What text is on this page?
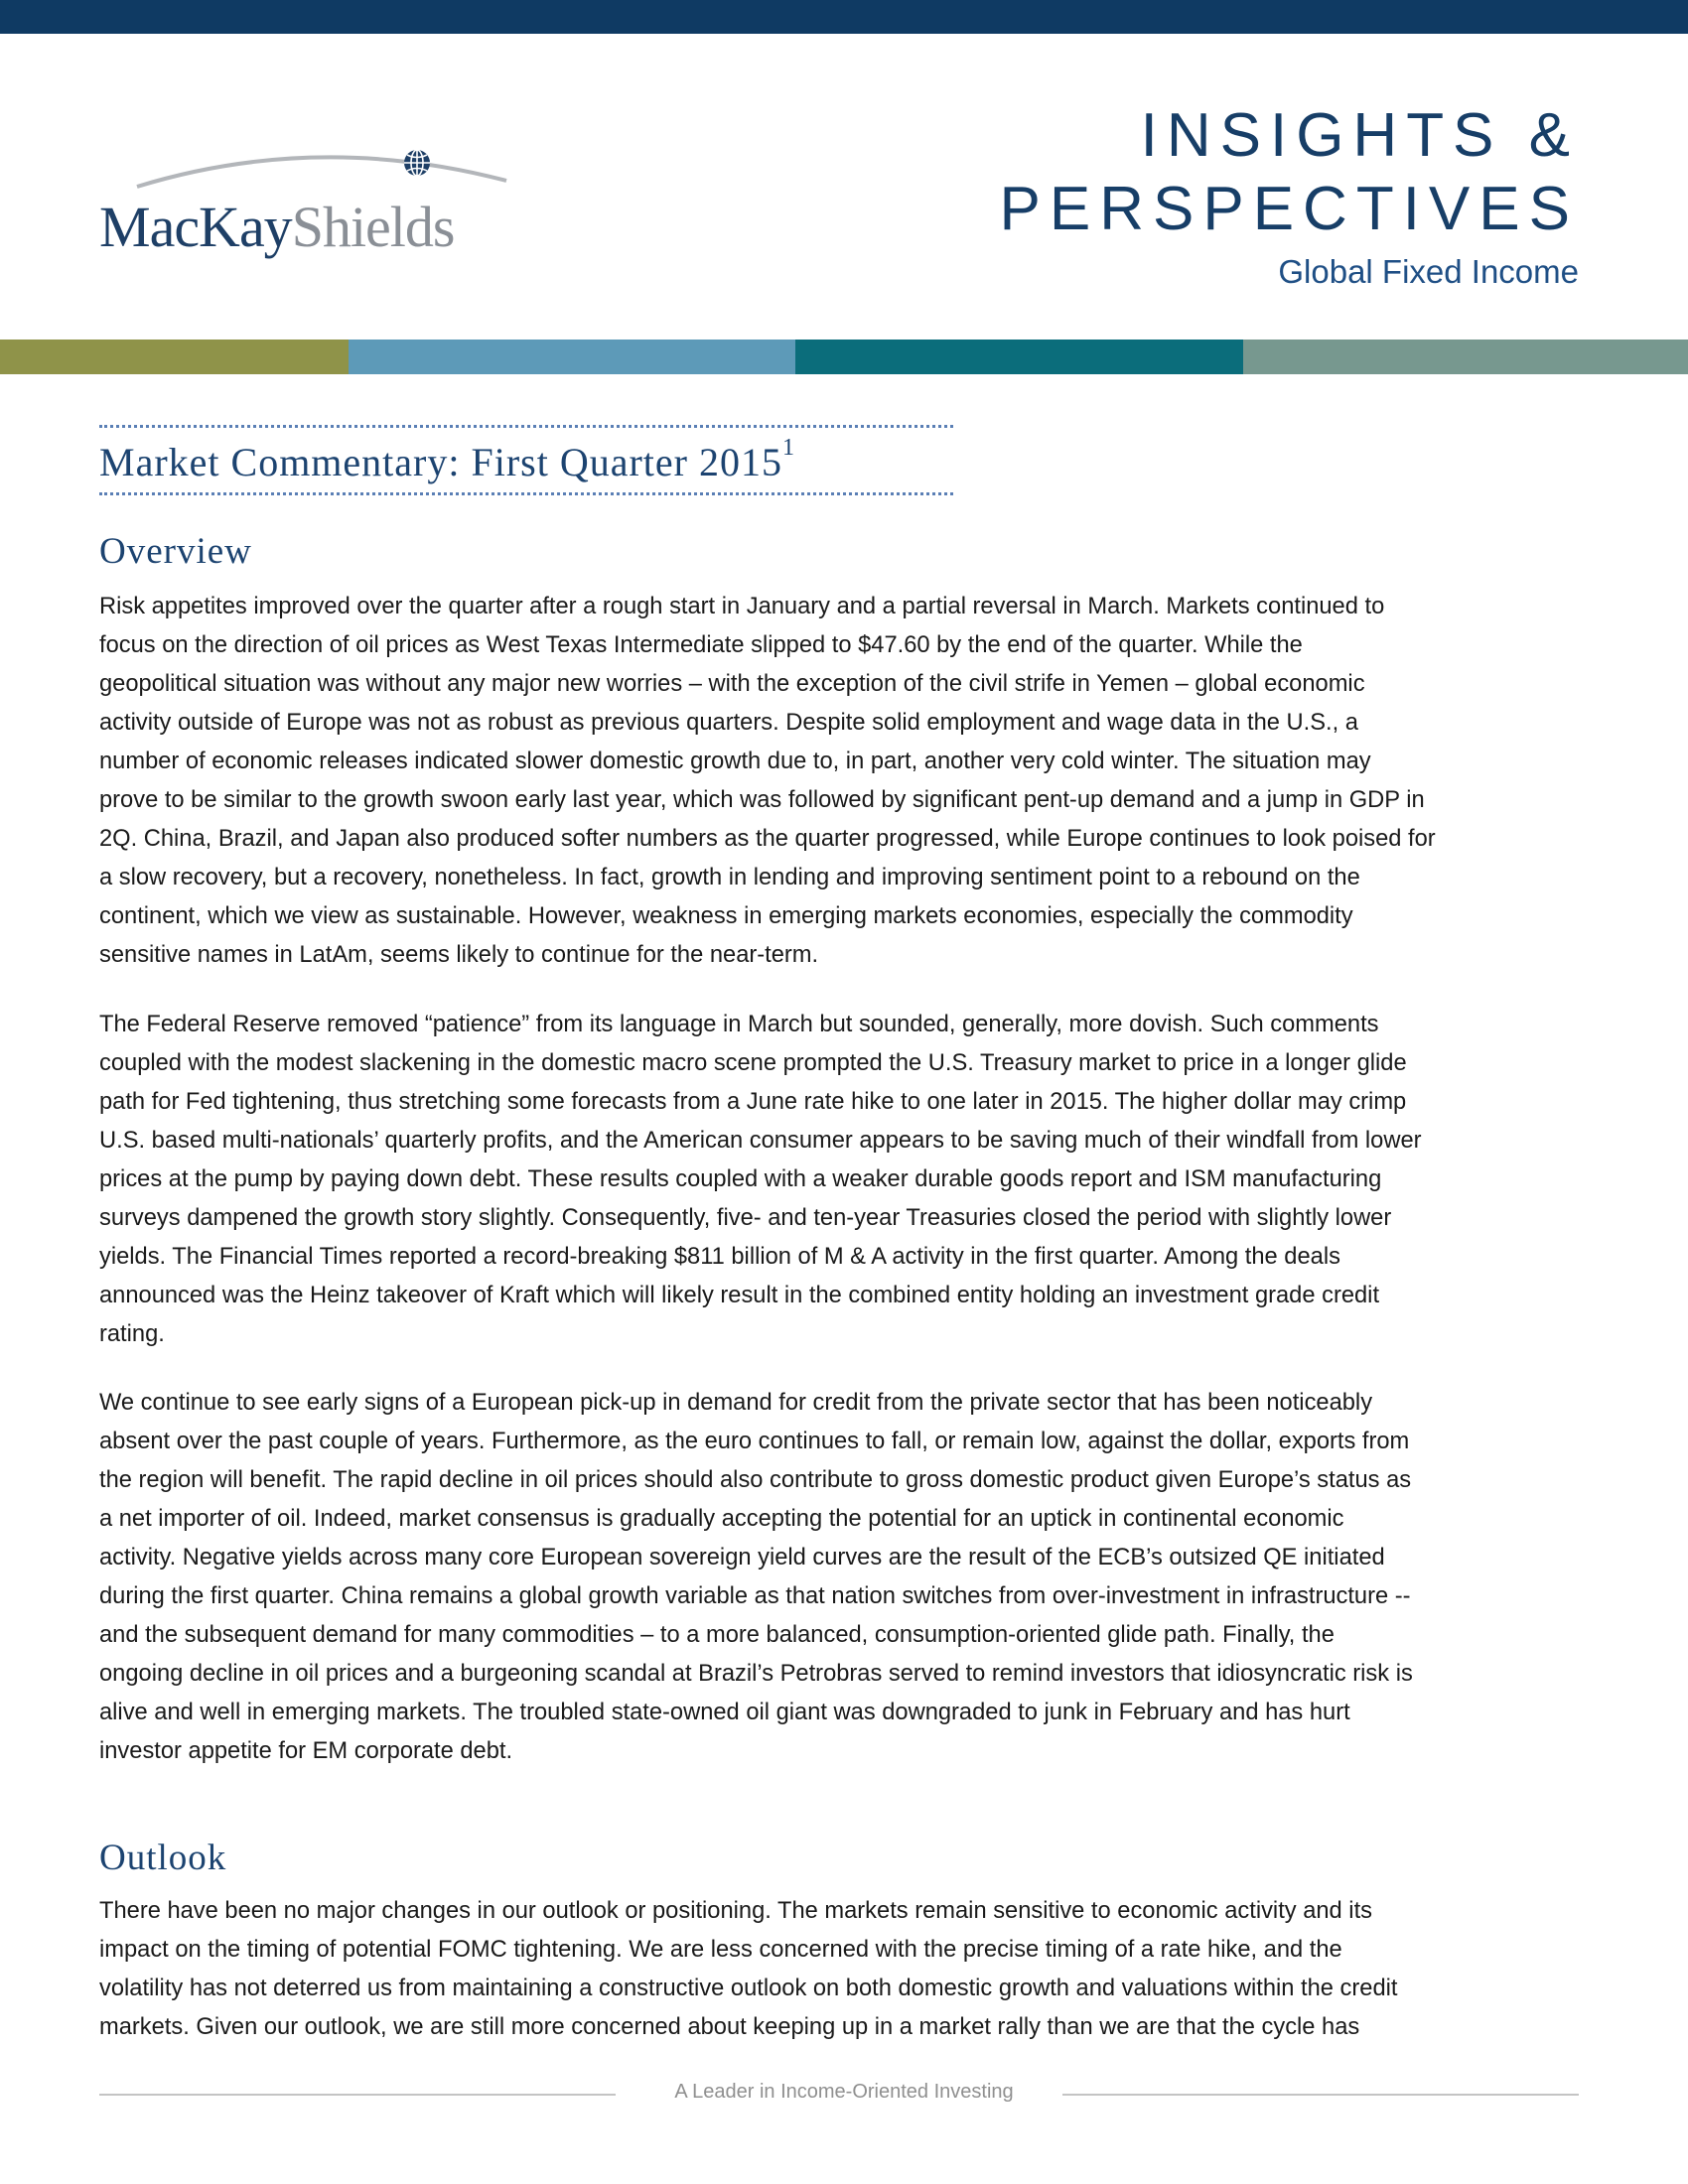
MacKayShields
INSIGHTS &
PERSPECTIVES
Global Fixed Income
Market Commentary: First Quarter 2015$^1$
Overview
Risk appetites improved over the quarter after a rough start in January and a partial reversal in March. Markets continued to
focus on the direction of oil prices as West Texas Intermediate slipped to $47.60 by the end of the quarter. While the
geopolitical situation was without any major new worries – with the exception of the civil strife in Yemen – global economic
activity outside of Europe was not as robust as previous quarters. Despite solid employment and wage data in the U.S., a
number of economic releases indicated slower domestic growth due to, in part, another very cold winter. The situation may
prove to be similar to the growth swoon early last year, which was followed by significant pent-up demand and a jump in GDP in
2Q. China, Brazil, and Japan also produced softer numbers as the quarter progressed, while Europe continues to look poised for
a slow recovery, but a recovery, nonetheless. In fact, growth in lending and improving sentiment point to a rebound on the
continent, which we view as sustainable. However, weakness in emerging markets economies, especially the commodity
sensitive names in LatAm, seems likely to continue for the near-term.
The Federal Reserve removed “patience” from its language in March but sounded, generally, more dovish. Such comments
coupled with the modest slackening in the domestic macro scene prompted the U.S. Treasury market to price in a longer glide
path for Fed tightening, thus stretching some forecasts from a June rate hike to one later in 2015. The higher dollar may crimp
U.S. based multi-nationals’ quarterly profits, and the American consumer appears to be saving much of their windfall from lower
prices at the pump by paying down debt. These results coupled with a weaker durable goods report and ISM manufacturing
surveys dampened the growth story slightly. Consequently, five- and ten-year Treasuries closed the period with slightly lower
yields. The Financial Times reported a record-breaking $811 billion of M & A activity in the first quarter. Among the deals
announced was the Heinz takeover of Kraft which will likely result in the combined entity holding an investment grade credit
rating.
We continue to see early signs of a European pick-up in demand for credit from the private sector that has been noticeably
absent over the past couple of years. Furthermore, as the euro continues to fall, or remain low, against the dollar, exports from
the region will benefit. The rapid decline in oil prices should also contribute to gross domestic product given Europe’s status as
a net importer of oil. Indeed, market consensus is gradually accepting the potential for an uptick in continental economic
activity. Negative yields across many core European sovereign yield curves are the result of the ECB’s outsized QE initiated
during the first quarter. China remains a global growth variable as that nation switches from over-investment in infrastructure --
and the subsequent demand for many commodities – to a more balanced, consumption-oriented glide path. Finally, the
ongoing decline in oil prices and a burgeoning scandal at Brazil’s Petrobras served to remind investors that idiosyncratic risk is
alive and well in emerging markets. The troubled state-owned oil giant was downgraded to junk in February and has hurt
investor appetite for EM corporate debt.
Outlook
There have been no major changes in our outlook or positioning. The markets remain sensitive to economic activity and its
impact on the timing of potential FOMC tightening. We are less concerned with the precise timing of a rate hike, and the
volatility has not deterred us from maintaining a constructive outlook on both domestic growth and valuations within the credit
markets. Given our outlook, we are still more concerned about keeping up in a market rally than we are that the cycle has
A Leader in Income-Oriented Investing
